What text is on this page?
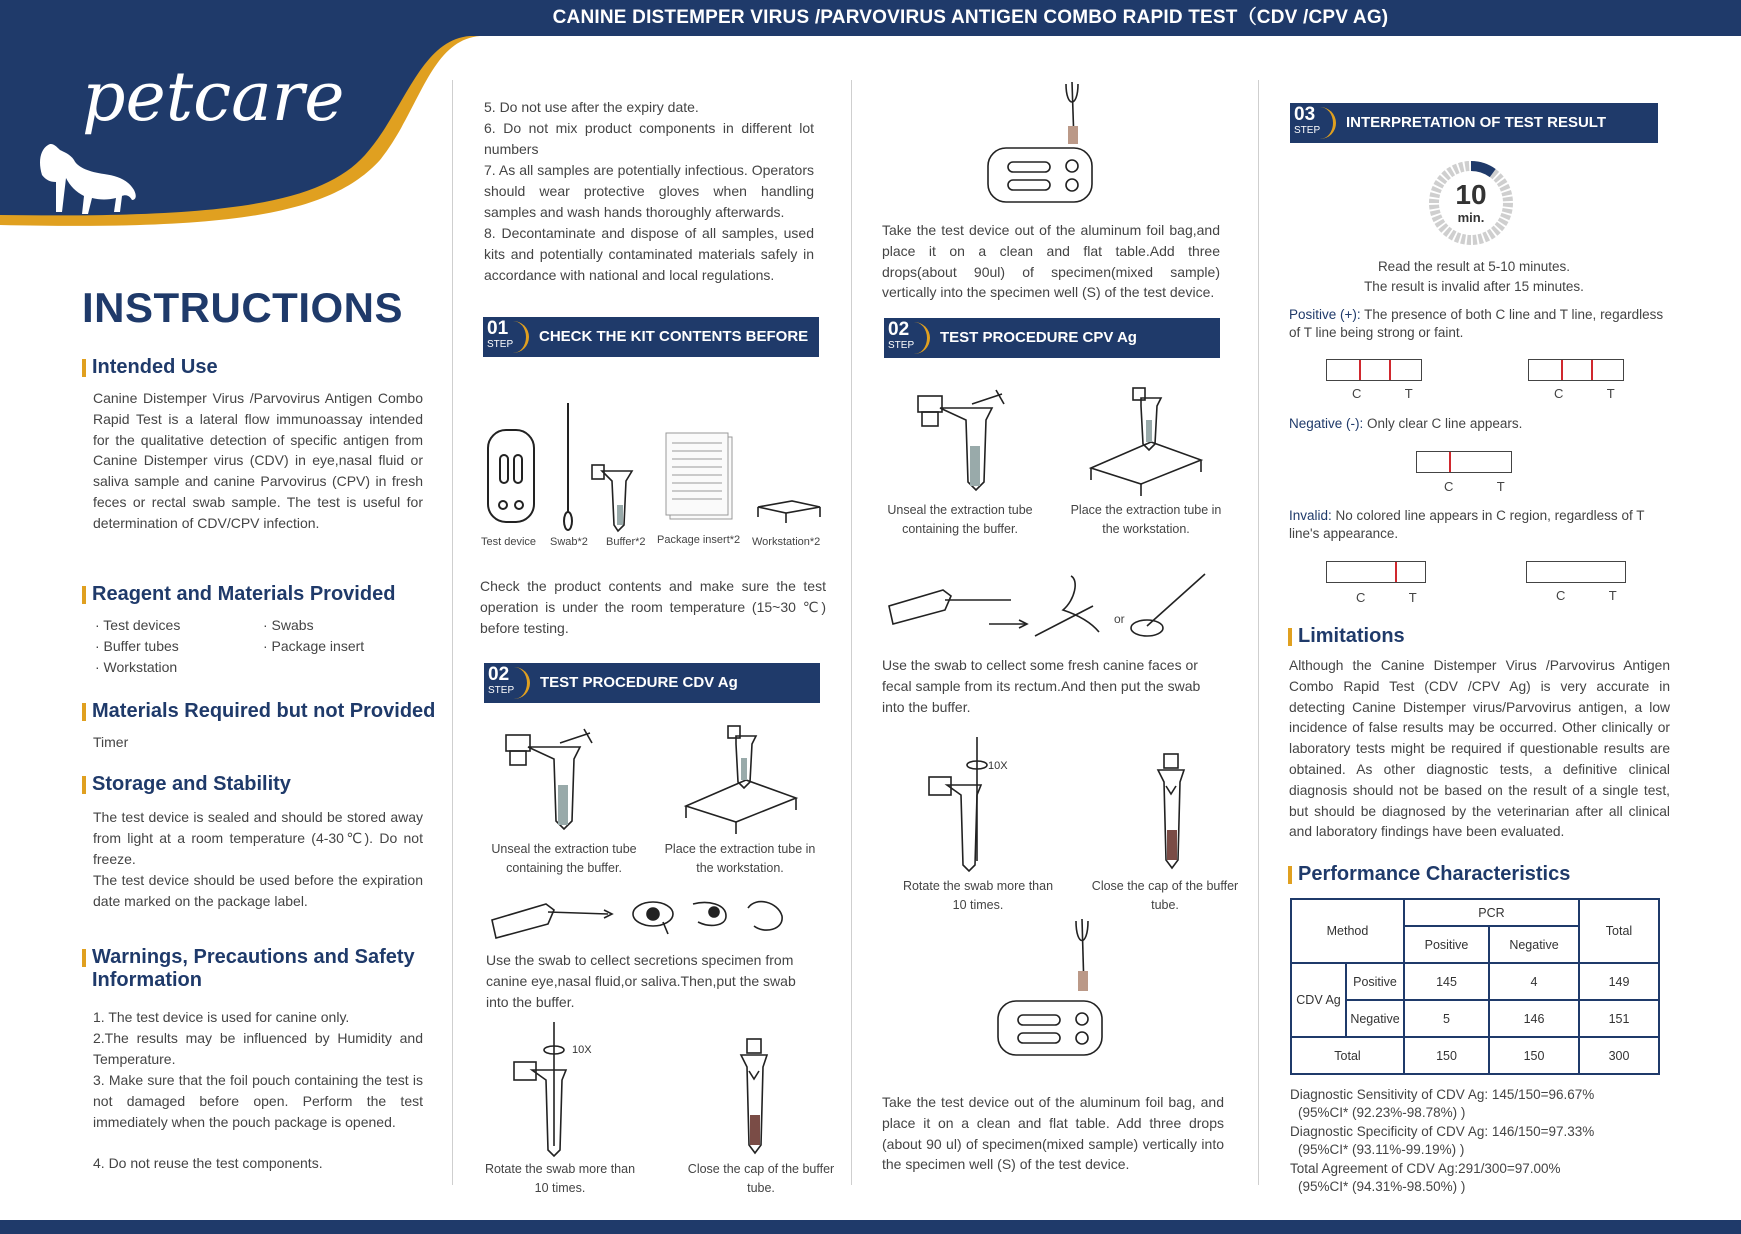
CANINE DISTEMPER VIRUS /PARVOVIRUS ANTIGEN COMBO RAPID TEST（CDV /CPV AG)
petcare
INSTRUCTIONS
Intended Use
Canine Distemper Virus /Parvovirus Antigen Combo Rapid Test is a lateral flow immunoassay intended for the qualitative detection of specific antigen from Canine Distemper virus (CDV) in eye,nasal fluid or saliva sample and canine Parvovirus (CPV) in fresh feces or rectal swab sample. The test is useful for determination of CDV/CPV infection.
Reagent and Materials Provided
· Test devices	· Swabs
· Buffer tubes	· Package insert
· Workstation
Materials Required but not Provided
Timer
Storage and Stability
The test device is sealed and should be stored away from light at a room temperature (4-30℃). Do not freeze.
The test device should be used before the expiration date marked on the package label.
Warnings, Precautions and Safety Information
1. The test device is used for canine only.
2.The results may be influenced by Humidity and Temperature.
3. Make sure that the foil pouch containing the test is not damaged before open. Perform the test immediately when the pouch package is opened.
4. Do not reuse the test components.
5. Do not use after the expiry date.
6. Do not mix product components in different lot numbers
7. As all samples are potentially infectious. Operators should wear protective gloves when handling samples and wash hands thoroughly afterwards.
8. Decontaminate and dispose of all samples, used kits and potentially contaminated materials safely in accordance with national and local regulations.
01
STEP CHECK THE KIT CONTENTS BEFORE USE
Test device Swab*2 Buffer*2 Package insert*2 Workstation*2
Check the product contents and make sure the test operation is under the room temperature (15~30 ℃) before testing.
02
STEP TEST PROCEDURE CDV Ag
Unseal the extraction tube containing the buffer.
Place the extraction tube in the workstation.
Use the swab to cellect secretions specimen from canine eye,nasal fluid,or saliva.Then,put the swab into the buffer.
10X
Rotate the swab more than 10 times.
Close the cap of the buffer tube.
Take the test device out of the aluminum foil bag,and place it on a clean and flat table.Add three drops(about 90ul) of specimen(mixed sample) vertically into the specimen well (S) of the test device.
02
STEP TEST PROCEDURE CPV Ag
Unseal the extraction tube containing the buffer.
Place the extraction tube in the workstation.
or
Use the swab to cellect some fresh canine faces or fecal sample from its rectum.And then put the swab into the buffer.
10X
Rotate the swab more than 10 times.
Close the cap of the buffer tube.
Take the test device out of the aluminum foil bag, and place it on a clean and flat table. Add three drops (about 90 ul) of specimen(mixed sample) vertically into the specimen well (S) of the test device.
03
STEP INTERPRETATION OF TEST RESULT
10
min.
Read the result at 5-10 minutes.
The result is invalid after 15 minutes.
Positive (+): The presence of both C line and T line, regardless of T line being strong or faint.
C T	C T
Negative (-): Only clear C line appears.
C T
Invalid: No colored line appears in C region, regardless of T line's appearance.
C T	C T
Limitations
Although the Canine Distemper Virus /Parvovirus Antigen Combo Rapid Test (CDV /CPV Ag) is very accurate in detecting Canine Distemper virus/Parvovirus antigen, a low incidence of false results may be occurred. Other clinically or laboratory tests might be required if questionable results are obtained. As other diagnostic tests, a definitive clinical diagnosis should not be based on the result of a single test, but should be diagnosed by the veterinarian after all clinical and laboratory findings have been evaluated.
Performance Characteristics
Method		PCR		Total
		Positive	Negative	
CDV Ag	Positive	145	4	149
	Negative	5	146	151
Total		150	150	300
Diagnostic Sensitivity of CDV Ag: 145/150=96.67%
(95%CI* (92.23%-98.78%) )
Diagnostic Specificity of CDV Ag: 146/150=97.33%
(95%CI* (93.11%-99.19%) )
Total Agreement of CDV Ag:291/300=97.00%
(95%CI* (94.31%-98.50%) )
